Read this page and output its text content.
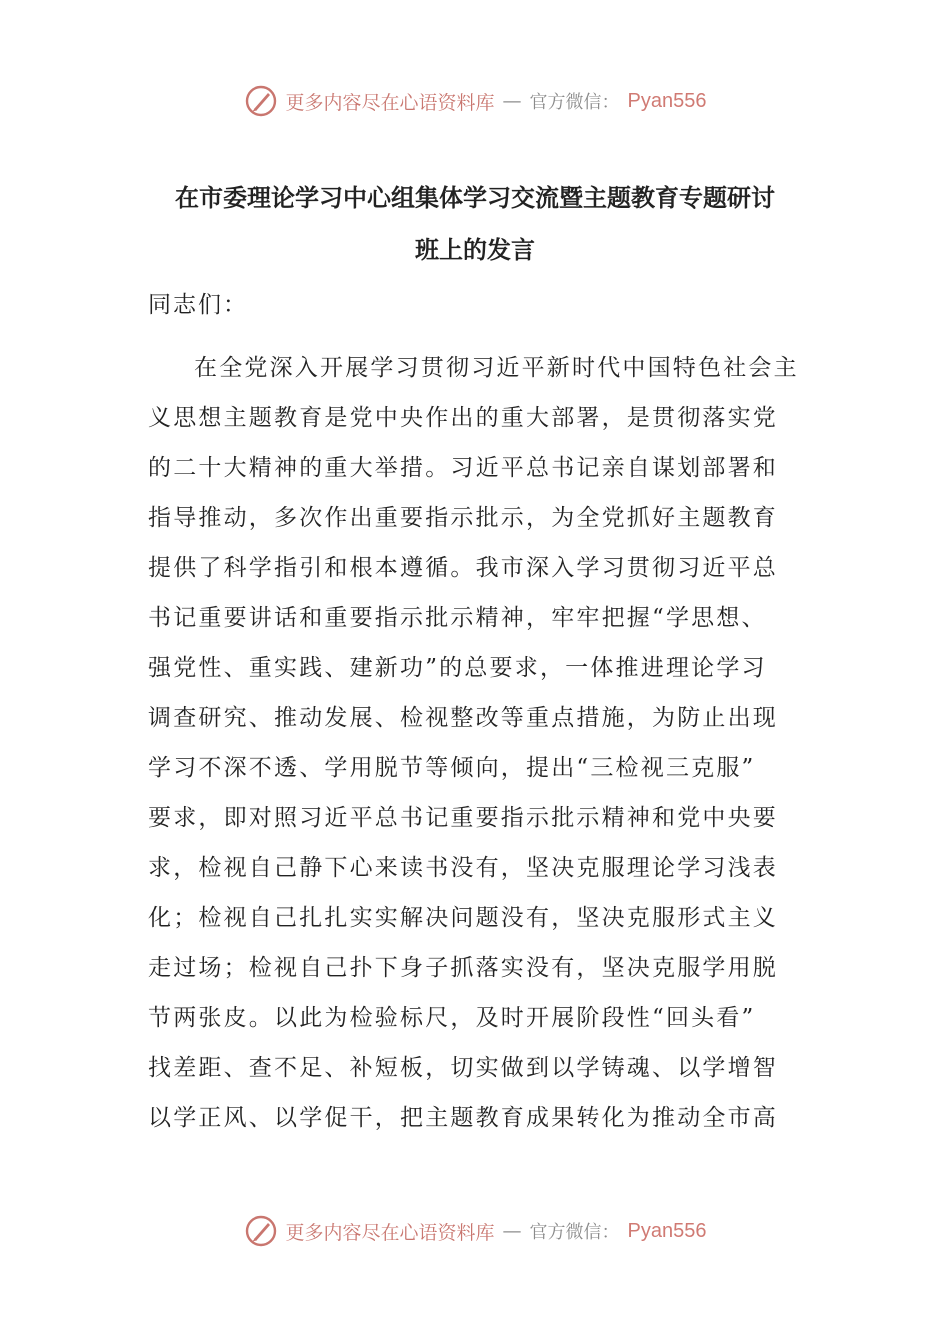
更多内容尽在心语资料库 — 官方微信： Pyan556
在市委理论学习中心组集体学习交流暨主题教育专题研讨
班上的发言
同志们：
在全党深入开展学习贯彻习近平新时代中国特色社会主
义思想主题教育是党中央作出的重大部署，是贯彻落实党
的二十大精神的重大举措。习近平总书记亲自谋划部署和
指导推动，多次作出重要指示批示，为全党抓好主题教育
提供了科学指引和根本遵循。我市深入学习贯彻习近平总
书记重要讲话和重要指示批示精神，牢牢把握“学思想、
强党性、重实践、建新功”的总要求，一体推进理论学习
调查研究、推动发展、检视整改等重点措施，为防止出现
学习不深不透、学用脱节等倾向，提出“三检视三克服”
要求，即对照习近平总书记重要指示批示精神和党中央要
求，检视自己静下心来读书没有，坚决克服理论学习浅表
化；检视自己扎扎实实解决问题没有，坚决克服形式主义
走过场；检视自己扑下身子抓落实没有，坚决克服学用脱
节两张皮。以此为检验标尺，及时开展阶段性“回头看”
找差距、查不足、补短板，切实做到以学铸魂、以学增智
以学正风、以学促干，把主题教育成果转化为推动全市高
更多内容尽在心语资料库 — 官方微信： Pyan556
